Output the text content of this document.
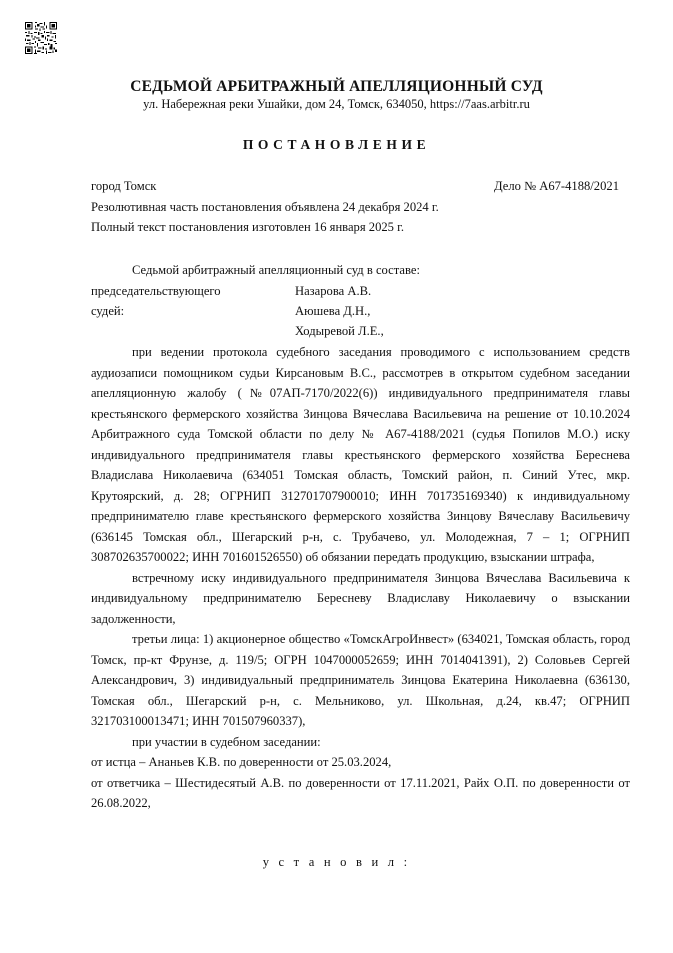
СЕДЬМОЙ АРБИТРАЖНЫЙ АПЕЛЛЯЦИОННЫЙ СУД
ул. Набережная реки Ушайки, дом 24, Томск, 634050, https://7aas.arbitr.ru
ПОСТАНОВЛЕНИЕ
город Томск	Дело № А67-4188/2021
Резолютивная часть постановления объявлена 24 декабря 2024 г.
Полный текст постановления изготовлен 16 января 2025 г.
Седьмой арбитражный апелляционный суд в составе:
председательствующего	Назарова А.В.
судей:	Аюшева Д.Н.,
Ходыревой Л.Е.,

при ведении протокола судебного заседания проводимого с использованием средств аудиозаписи помощником судьи Кирсановым В.С., рассмотрев в открытом судебном заседании апелляционную жалобу (№07АП-7170/2022(6)) индивидуального предпринимателя главы крестьянского фермерского хозяйства Зинцова Вячеслава Васильевича на решение от 10.10.2024 Арбитражного суда Томской области по делу № А67-4188/2021 (судья Попилов М.О.) иску индивидуального предпринимателя главы крестьянского фермерского хозяйства Береснева Владислава Николаевича (634051 Томская область, Томский район, п. Синий Утес, мкр. Крутоярский, д. 28; ОГРНИП 312701707900010; ИНН 701735169340) к индивидуальному предпринимателю главе крестьянского фермерского хозяйства Зинцову Вячеславу Васильевичу (636145 Томская обл., Шегарский р-н, с. Трубачево, ул. Молодежная, 7 – 1; ОГРНИП 308702635700022; ИНН 701601526550) об обязании передать продукцию, взыскании штрафа,

встречному иску индивидуального предпринимателя Зинцова Вячеслава Васильевича к индивидуальному предпринимателю Бересневу Владиславу Николаевичу о взыскании задолженности,

третьи лица: 1) акционерное общество «ТомскАгроИнвест» (634021, Томская область, город Томск, пр-кт Фрунзе, д. 119/5; ОГРН 1047000052659; ИНН 7014041391), 2) Соловьев Сергей Александрович, 3) индивидуальный предприниматель Зинцова Екатерина Николаевна (636130, Томская обл., Шегарский р-н, с. Мельниково, ул. Школьная, д.24, кв.47; ОГРНИП 321703100013471; ИНН 701507960337),

при участии в судебном заседании:

от истца – Ананьев К.В. по доверенности от 25.03.2024,

от ответчика – Шестидесятый А.В. по доверенности от 17.11.2021, Райх О.П. по доверенности от 26.08.2022,

у с т а н о в и л :
